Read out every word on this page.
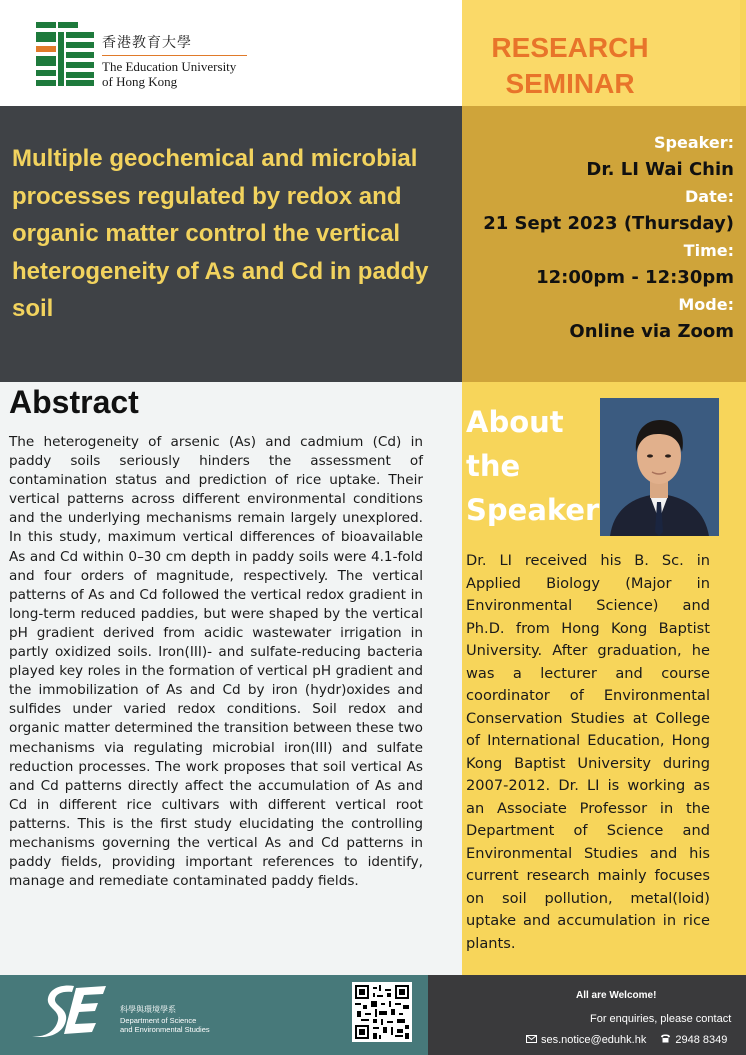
香港教育大學
The Education University
of Hong Kong
RESEARCH
SEMINAR
Multiple geochemical and microbial processes regulated by redox and organic matter control the vertical heterogeneity of As and Cd in paddy soil
Speaker:
Dr. LI Wai Chin
Date:
21 Sept 2023 (Thursday)
Time:
12:00pm - 12:30pm
Mode:
Online via Zoom
Abstract
The heterogeneity of arsenic (As) and cadmium (Cd) in paddy soils seriously hinders the assessment of contamination status and prediction of rice uptake. Their vertical patterns across different environmental conditions and the underlying mechanisms remain largely unexplored. In this study, maximum vertical differences of bioavailable As and Cd within 0–30 cm depth in paddy soils were 4.1-fold and four orders of magnitude, respectively. The vertical patterns of As and Cd followed the vertical redox gradient in long-term reduced paddies, but were shaped by the vertical pH gradient derived from acidic wastewater irrigation in partly oxidized soils. Iron(III)- and sulfate-reducing bacteria played key roles in the formation of vertical pH gradient and the immobilization of As and Cd by iron (hydr)oxides and sulfides under varied redox conditions. Soil redox and organic matter determined the transition between these two mechanisms via regulating microbial iron(III) and sulfate reduction processes. The work proposes that soil vertical As and Cd patterns directly affect the accumulation of As and Cd in different rice cultivars with different vertical root patterns. This is the first study elucidating the controlling mechanisms governing the vertical As and Cd patterns in paddy fields, providing important references to identify, manage and remediate contaminated paddy fields.
About
the
Speaker
Dr. LI received his B. Sc. in Applied Biology (Major in Environmental Science) and Ph.D. from Hong Kong Baptist University. After graduation, he was a lecturer and course coordinator of Environmental Conservation Studies at College of International Education, Hong Kong Baptist University during 2007-2012. Dr. LI is working as an Associate Professor in the Department of Science and Environmental Studies and his current research mainly focuses on soil pollution, metal(loid) uptake and accumulation in rice plants.
科學與環境學系
Department of Science
and Environmental Studies
All are Welcome!
For enquiries, please contact
ses.notice@eduhk.hk	2948 8349
